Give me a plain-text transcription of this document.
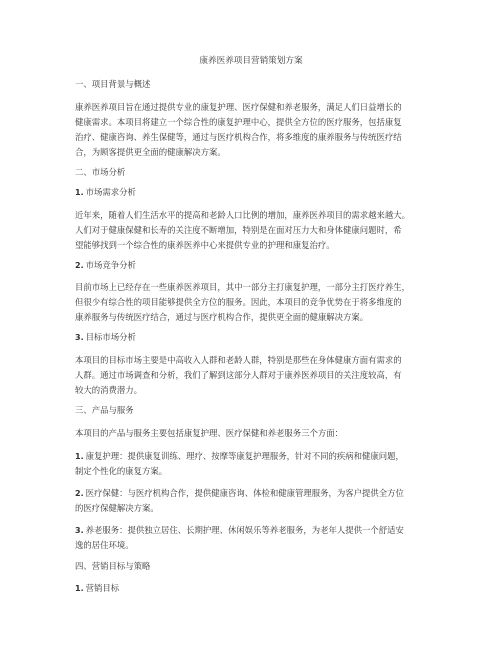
康养医养项目营销策划方案
一、项目背景与概述
康养医养项目旨在通过提供专业的康复护理、医疗保健和养老服务，满足人们日益增长的
健康需求。本项目将建立一个综合性的康复护理中心，提供全方位的医疗服务，包括康复
治疗、健康咨询、养生保健等，通过与医疗机构合作，将多维度的康养服务与传统医疗结
合，为顾客提供更全面的健康解决方案。
二、市场分析
1. 市场需求分析
近年来，随着人们生活水平的提高和老龄人口比例的增加，康养医养项目的需求越来越大。
人们对于健康保健和长寿的关注度不断增加，特别是在面对压力大和身体健康问题时，希
望能够找到一个综合性的康养医养中心来提供专业的护理和康复治疗。
2. 市场竞争分析
目前市场上已经存在一些康养医养项目，其中一部分主打康复护理，一部分主打医疗养生，
但很少有综合性的项目能够提供全方位的服务。因此，本项目的竞争优势在于将多维度的
康养服务与传统医疗结合，通过与医疗机构合作，提供更全面的健康解决方案。
3. 目标市场分析
本项目的目标市场主要是中高收入人群和老龄人群，特别是那些在身体健康方面有需求的
人群。通过市场调查和分析，我们了解到这部分人群对于康养医养项目的关注度较高，有
较大的消费潜力。
三、产品与服务
本项目的产品与服务主要包括康复护理、医疗保健和养老服务三个方面：
1. 康复护理：提供康复训练、理疗、按摩等康复护理服务，针对不同的疾病和健康问题，
制定个性化的康复方案。
2. 医疗保健：与医疗机构合作，提供健康咨询、体检和健康管理服务，为客户提供全方位
的医疗保健解决方案。
3. 养老服务：提供独立居住、长期护理、休闲娱乐等养老服务，为老年人提供一个舒适安
逸的居住环境。
四、营销目标与策略
1. 营销目标
